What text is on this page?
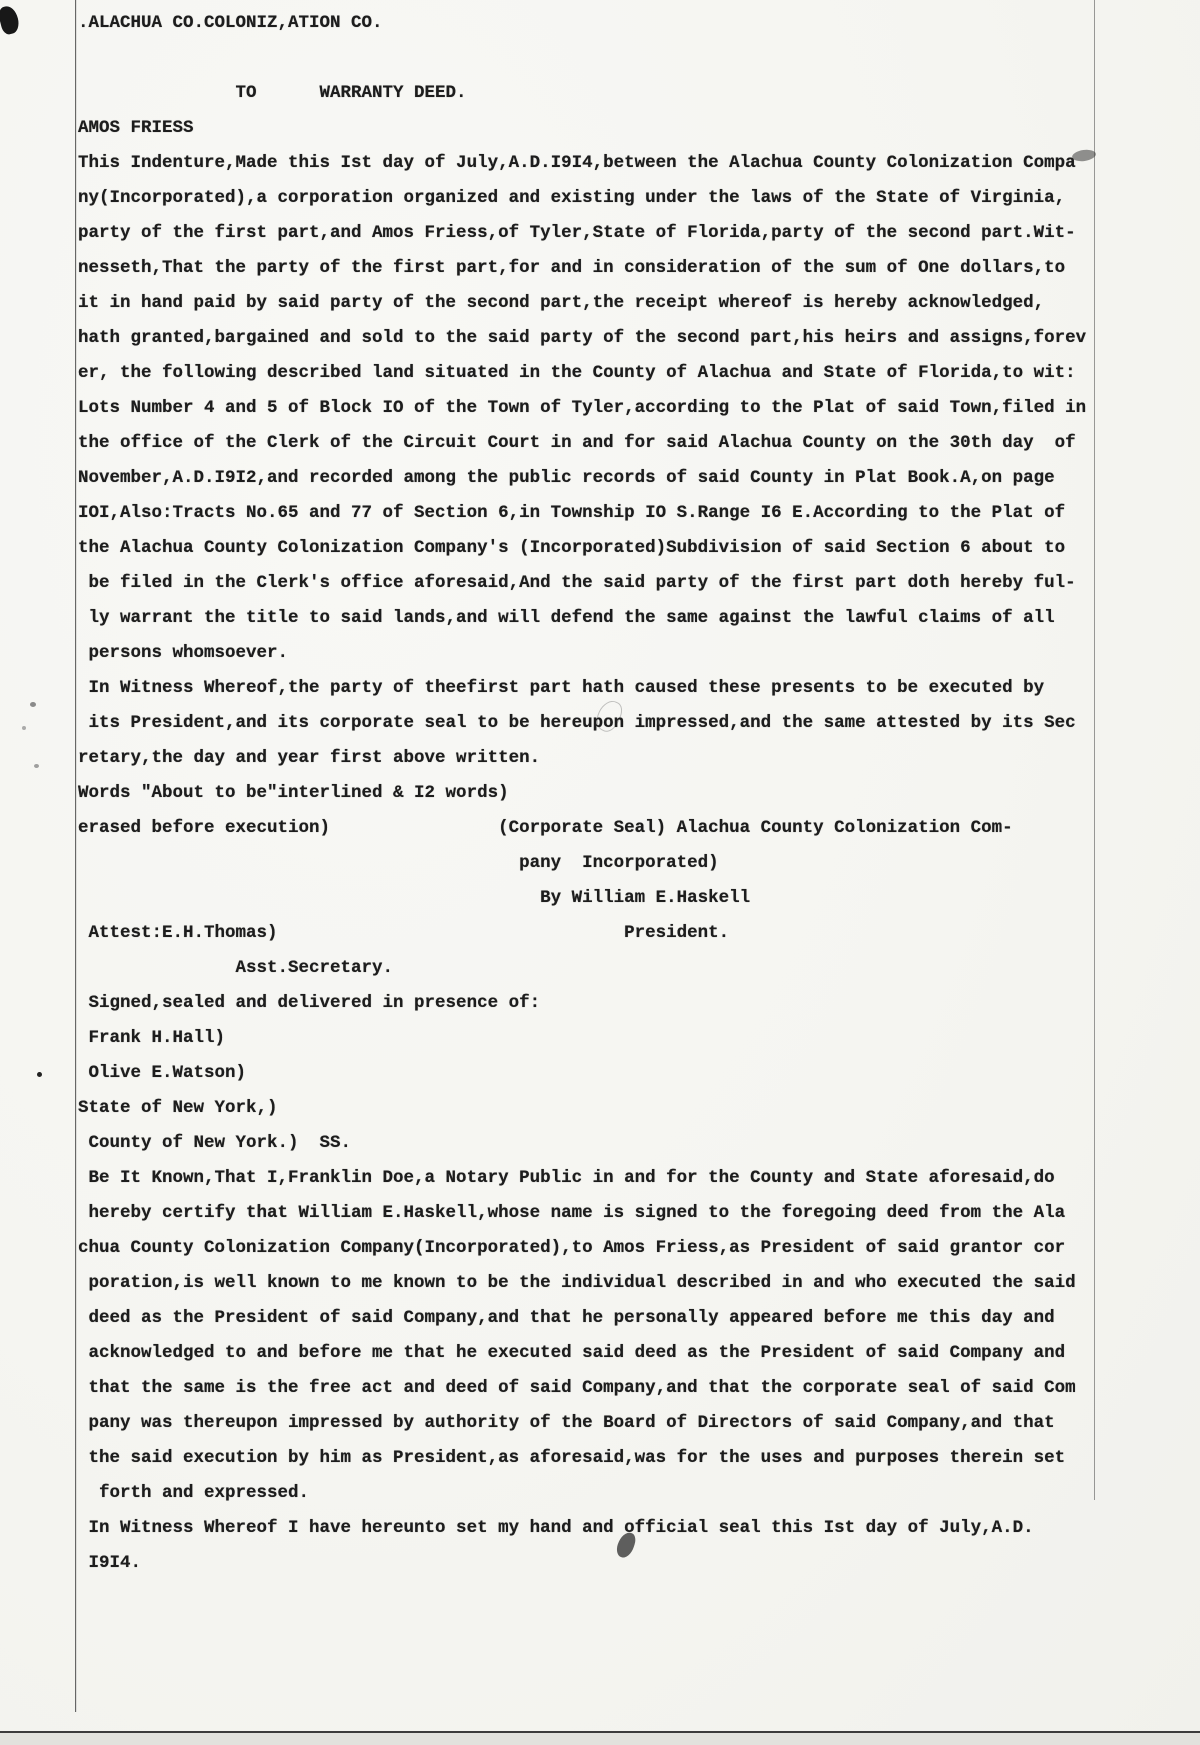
.ALACHUA CO.COLONIZ,ATION CO.
TO      WARRANTY DEED.
AMOS FRIESS
This Indenture,Made this Ist day of July,A.D.I9I4,between the Alachua County Colonization Compa
ny(Incorporated),a corporation organized and existing under the laws of the State of Virginia,
party of the first part,and Amos Friess,of Tyler,State of Florida,party of the second part.Wit-
nesseth,That the party of the first part,for and in consideration of the sum of One dollars,to
it in hand paid by said party of the second part,the receipt whereof is hereby acknowledged,
hath granted,bargained and sold to the said party of the second part,his heirs and assigns,forev
er, the following described land situated in the County of Alachua and State of Florida,to wit:
Lots Number 4 and 5 of Block IO of the Town of Tyler,according to the Plat of said Town,filed in
the office of the Clerk of the Circuit Court in and for said Alachua County on the 30th day  of
November,A.D.I9I2,and recorded among the public records of said County in Plat Book.A,on page
IOI,Also:Tracts No.65 and 77 of Section 6,in Township IO S.Range I6 E.According to the Plat of
the Alachua County Colonization Company's (Incorporated)Subdivision of said Section 6 about to
be filed in the Clerk's office aforesaid,And the said party of the first part doth hereby ful-
ly warrant the title to said lands,and will defend the same against the lawful claims of all
persons whomsoever.
In Witness Whereof,the party of theefirst part hath caused these presents to be executed by
its President,and its corporate seal to be hereupon impressed,and the same attested by its Sec
retary,the day and year first above written.
Words "About to be"interlined & I2 words)
erased before execution)                (Corporate Seal) Alachua County Colonization Com-
pany  Incorporated)
By William E.Haskell
Attest:E.H.Thomas)                                 President.
Asst.Secretary.
Signed,sealed and delivered in presence of:
Frank H.Hall)
Olive E.Watson)
State of New York,)
County of New York.)  SS.
Be It Known,That I,Franklin Doe,a Notary Public in and for the County and State aforesaid,do
hereby certify that William E.Haskell,whose name is signed to the foregoing deed from the Ala
chua County Colonization Company(Incorporated),to Amos Friess,as President of said grantor cor
poration,is well known to me known to be the individual described in and who executed the said
deed as the President of said Company,and that he personally appeared before me this day and
acknowledged to and before me that he executed said deed as the President of said Company and
that the same is the free act and deed of said Company,and that the corporate seal of said Com
pany was thereupon impressed by authority of the Board of Directors of said Company,and that
the said execution by him as President,as aforesaid,was for the uses and purposes therein set
forth and expressed.
In Witness Whereof I have hereunto set my hand and official seal this Ist day of July,A.D.
I9I4.
